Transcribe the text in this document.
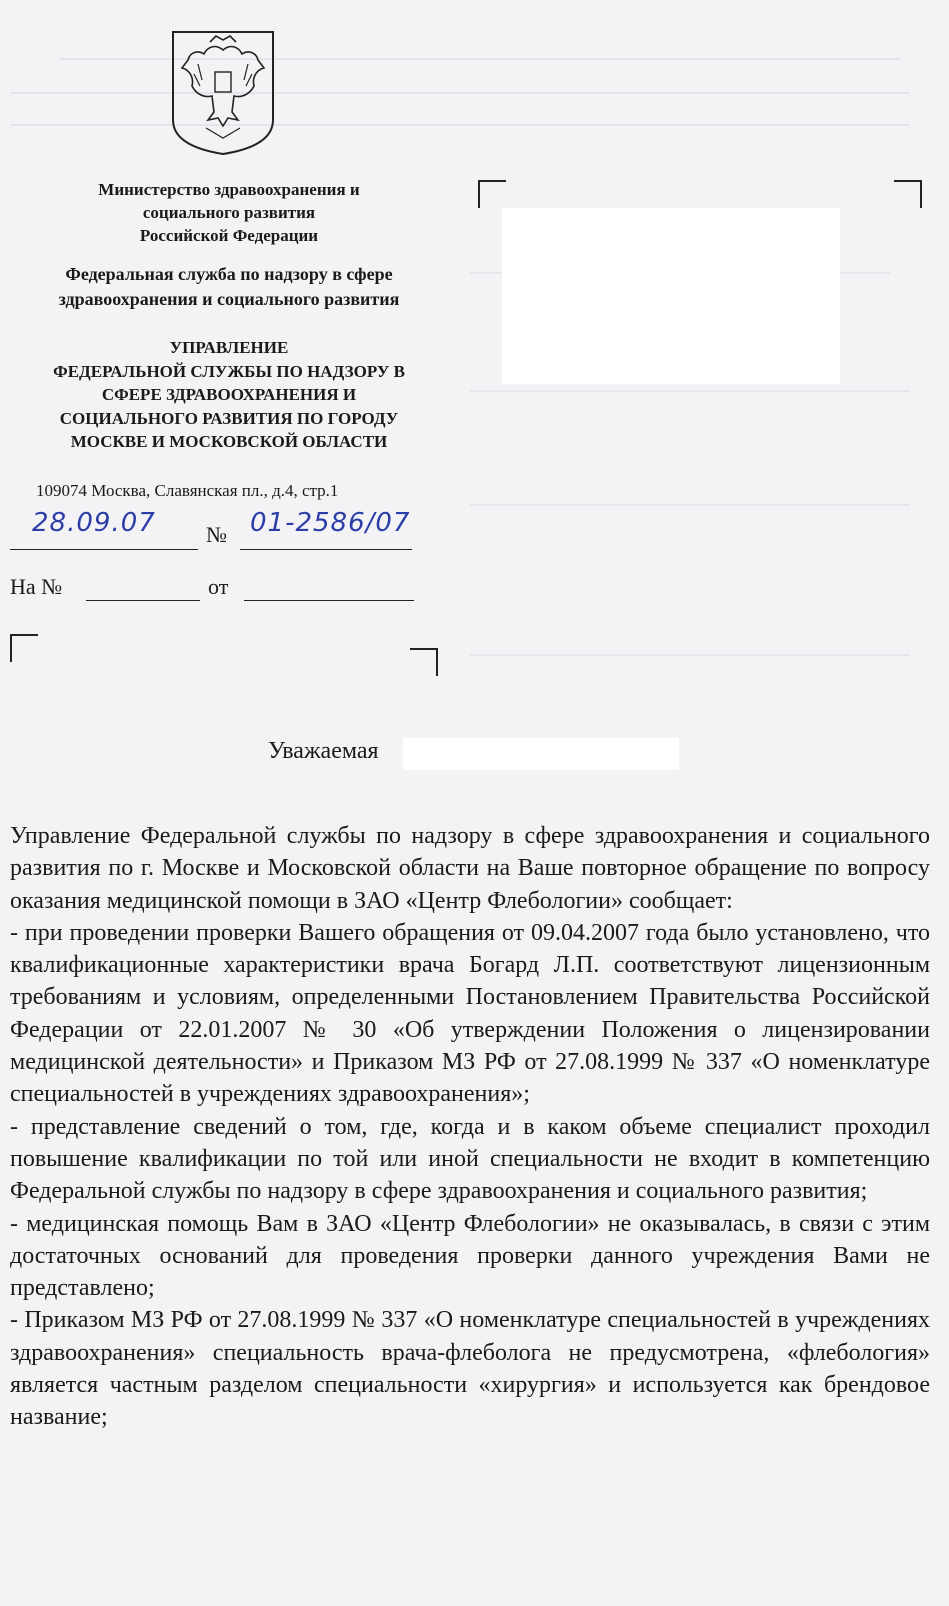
Министерство здравоохранения и
социального развития
Российской Федерации
Федеральная служба по надзору в сфере
здравоохранения и социального развития
УПРАВЛЕНИЕ
ФЕДЕРАЛЬНОЙ СЛУЖБЫ ПО НАДЗОРУ В
СФЕРЕ ЗДРАВООХРАНЕНИЯ И
СОЦИАЛЬНОГО РАЗВИТИЯ ПО ГОРОДУ
МОСКВЕ И МОСКОВСКОЙ ОБЛАСТИ
109074 Москва, Славянская пл., д.4, стр.1
28.09.07 № 01-2586/07
На №	от
Уважаемая

Управление Федеральной службы по надзору в сфере здравоохранения и социального развития по г. Москве и Московской области на Ваше повторное обращение по вопросу оказания медицинской помощи в ЗАО «Центр Флебологии» сообщает:

- при проведении проверки Вашего обращения от 09.04.2007 года было установлено, что квалификационные характеристики врача Богард Л.П. соответствуют лицензионным требованиям и условиям, определенными Постановлением Правительства Российской Федерации от 22.01.2007 № 30 «Об утверждении Положения о лицензировании медицинской деятельности» и Приказом МЗ РФ от 27.08.1999 № 337 «О номенклатуре специальностей в учреждениях здравоохранения»;

- представление сведений о том, где, когда и в каком объеме специалист проходил повышение квалификации по той или иной специальности не входит в компетенцию Федеральной службы по надзору в сфере здравоохранения и социального развития;

- медицинская помощь Вам в ЗАО «Центр Флебологии» не оказывалась, в связи с этим достаточных оснований для проведения проверки данного учреждения Вами не представлено;

- Приказом МЗ РФ от 27.08.1999 № 337 «О номенклатуре специальностей в учреждениях здравоохранения» специальность врача-флеболога не предусмотрена, «флебология» является частным разделом специальности «хирургия» и используется как брендовое название;
